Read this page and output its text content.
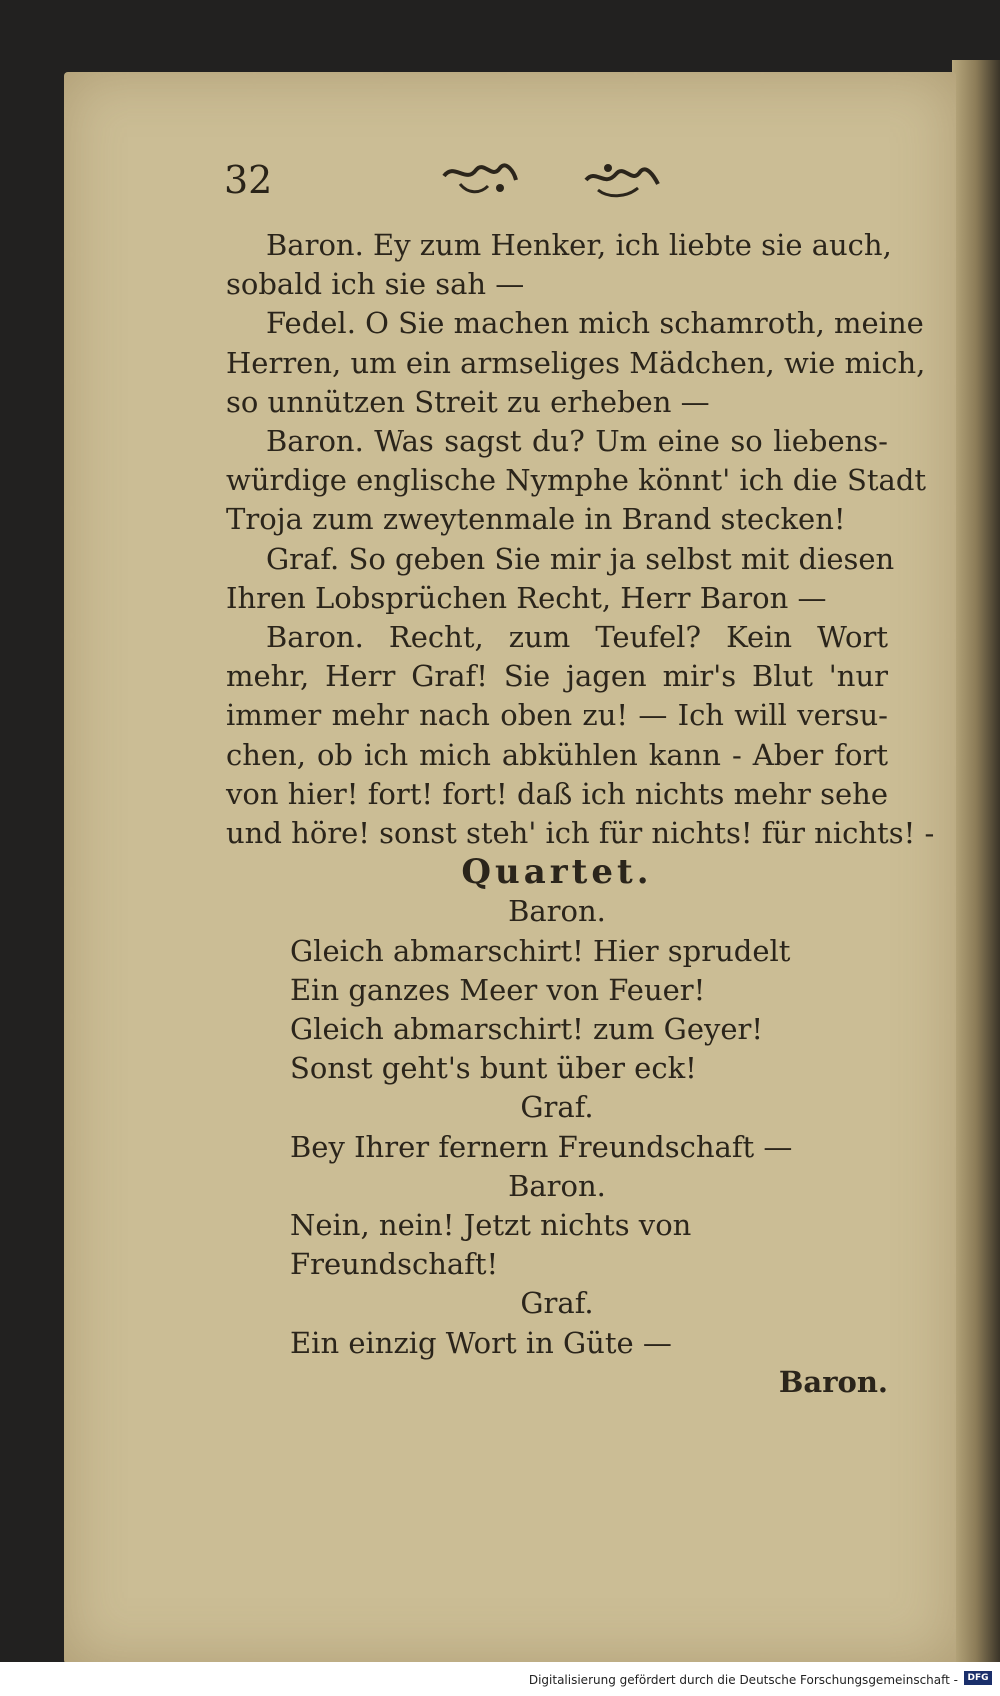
32
Baron. Ey zum Henker, ich liebte sie auch,
sobald ich sie sah —
Fedel. O Sie machen mich schamroth, meine
Herren, um ein armseliges Mädchen, wie mich,
so unnützen Streit zu erheben —
Baron. Was sagst du? Um eine so liebens-
würdige englische Nymphe könnt' ich die Stadt
Troja zum zweytenmale in Brand stecken!
Graf. So geben Sie mir ja selbst mit diesen
Ihren Lobsprüchen Recht, Herr Baron —
Baron. Recht, zum Teufel? Kein Wort
mehr, Herr Graf! Sie jagen mir's Blut 'nur
immer mehr nach oben zu! — Ich will versu-
chen, ob ich mich abkühlen kann - Aber fort
von hier! fort! fort! daß ich nichts mehr sehe
und höre! sonst steh' ich für nichts! für nichts! -

Quartet.

Baron.

Gleich abmarschirt! Hier sprudelt

Ein ganzes Meer von Feuer!

Gleich abmarschirt! zum Geyer!

Sonst geht's bunt über eck!

Graf.

Bey Ihrer fernern Freundschaft —

Baron.

Nein, nein! Jetzt nichts von Freundschaft!

Graf.

Ein einzig Wort in Güte —

Baron.

Digitalisierung gefördert durch die Deutsche Forschungsgemeinschaft -	DFG
